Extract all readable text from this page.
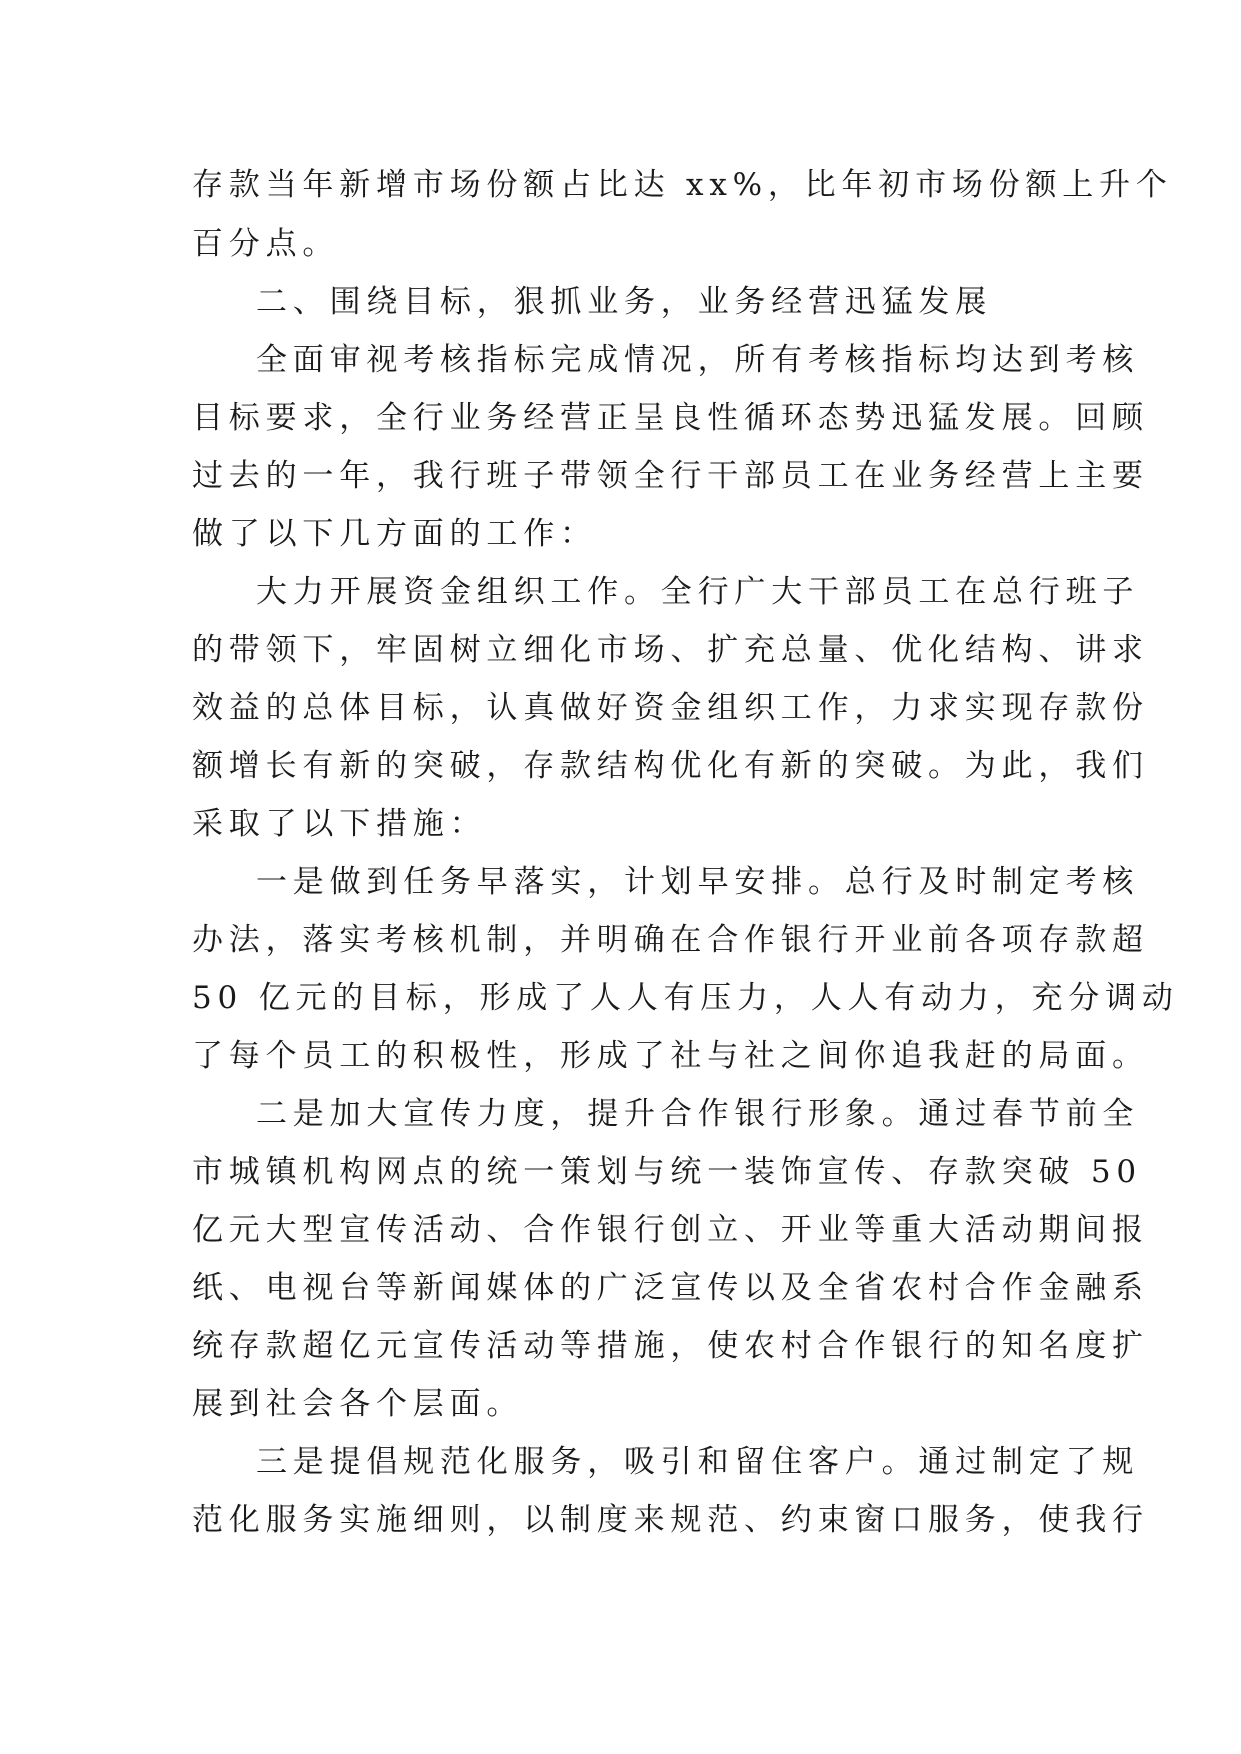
存款当年新增市场份额占比达 xx%，比年初市场份额上升个
百分点。
二、围绕目标，狠抓业务，业务经营迅猛发展
全面审视考核指标完成情况，所有考核指标均达到考核
目标要求，全行业务经营正呈良性循环态势迅猛发展。回顾
过去的一年，我行班子带领全行干部员工在业务经营上主要
做了以下几方面的工作：
大力开展资金组织工作。全行广大干部员工在总行班子
的带领下，牢固树立细化市场、扩充总量、优化结构、讲求
效益的总体目标，认真做好资金组织工作，力求实现存款份
额增长有新的突破，存款结构优化有新的突破。为此，我们
采取了以下措施：
一是做到任务早落实，计划早安排。总行及时制定考核
办法，落实考核机制，并明确在合作银行开业前各项存款超
50 亿元的目标，形成了人人有压力，人人有动力，充分调动
了每个员工的积极性，形成了社与社之间你追我赶的局面。
二是加大宣传力度，提升合作银行形象。通过春节前全
市城镇机构网点的统一策划与统一装饰宣传、存款突破 50
亿元大型宣传活动、合作银行创立、开业等重大活动期间报
纸、电视台等新闻媒体的广泛宣传以及全省农村合作金融系
统存款超亿元宣传活动等措施，使农村合作银行的知名度扩
展到社会各个层面。
三是提倡规范化服务，吸引和留住客户。通过制定了规
范化服务实施细则，以制度来规范、约束窗口服务，使我行
